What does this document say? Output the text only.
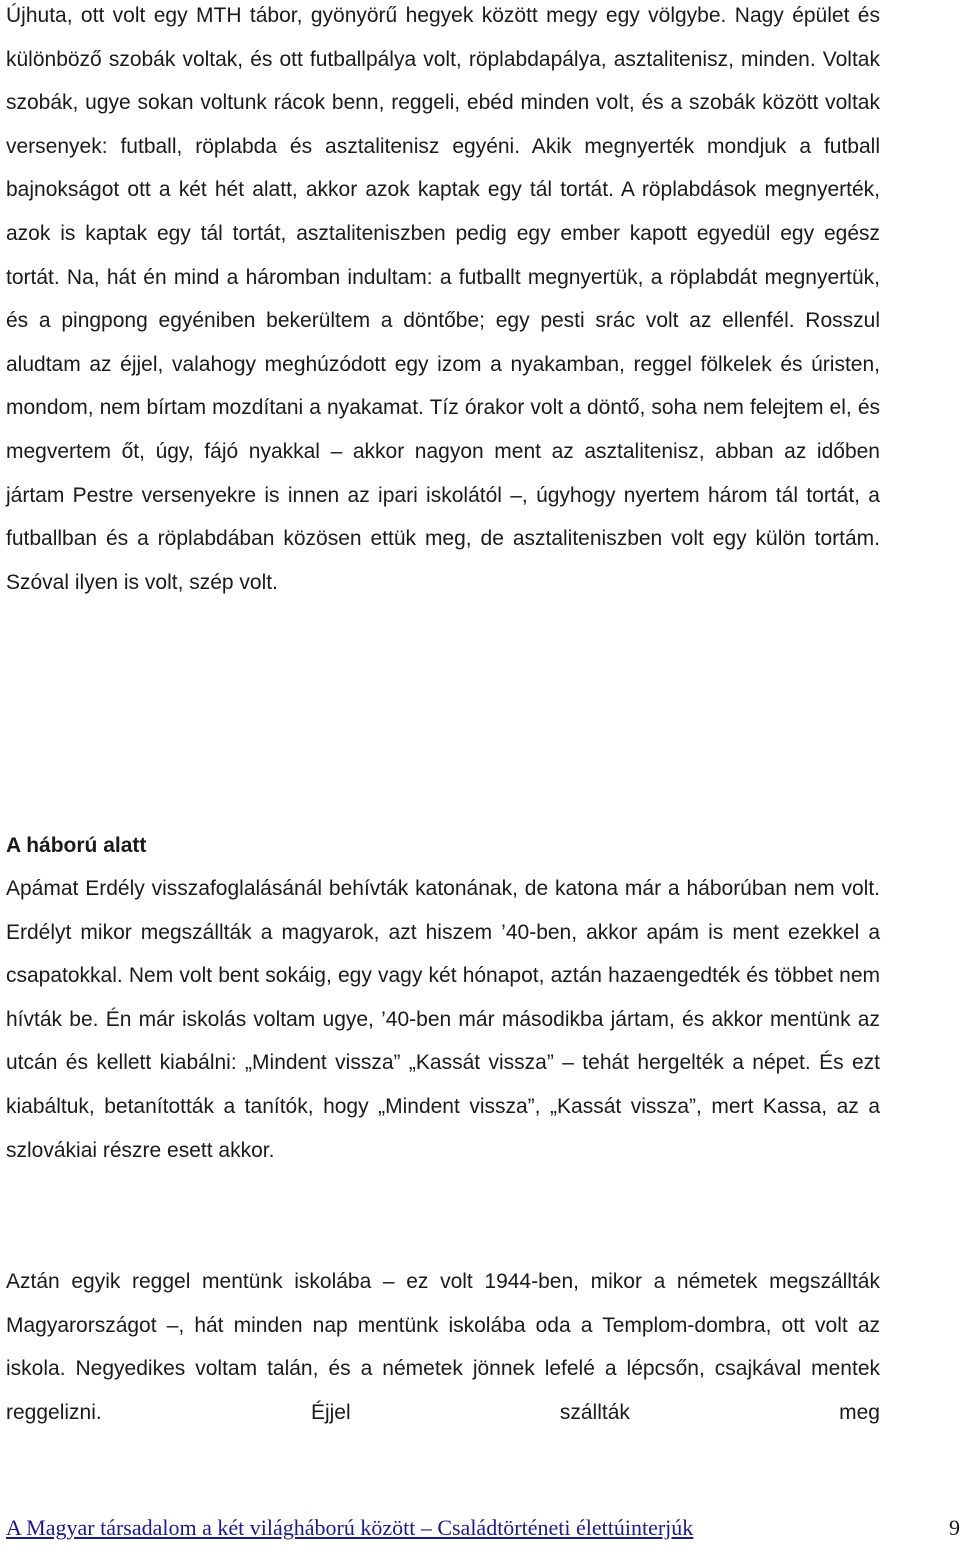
Újhuta, ott volt egy MTH tábor, gyönyörű hegyek között megy egy völgybe. Nagy épület és különböző szobák voltak, és ott futballpálya volt, röplabdapálya, asztalitenisz, minden. Voltak szobák, ugye sokan voltunk rácok benn, reggeli, ebéd minden volt, és a szobák között voltak versenyek: futball, röplabda és asztalitenisz egyéni. Akik megnyerték mondjuk a futball bajnokságot ott a két hét alatt, akkor azok kaptak egy tál tortát. A röplabdások megnyerték, azok is kaptak egy tál tortát, asztaliteniszben pedig egy ember kapott egyedül egy egész tortát. Na, hát én mind a háromban indultam: a futballt megnyertük, a röplabdát megnyertük, és a pingpong egyéniben bekerültem a döntőbe; egy pesti srác volt az ellenfél. Rosszul aludtam az éjjel, valahogy meghúzódott egy izom a nyakamban, reggel fölkelek és úristen, mondom, nem bírtam mozdítani a nyakamat. Tíz órakor volt a döntő, soha nem felejtem el, és megvertem őt, úgy, fájó nyakkal – akkor nagyon ment az asztalitenisz, abban az időben jártam Pestre versenyekre is innen az ipari iskolától –, úgyhogy nyertem három tál tortát, a futballban és a röplabdában közösen ettük meg, de asztaliteniszben volt egy külön tortám. Szóval ilyen is volt, szép volt.

A háború alatt

Apámat Erdély visszafoglalásánál behívták katonának, de katona már a háborúban nem volt. Erdélyt mikor megszállták a magyarok, azt hiszem ’40-ben, akkor apám is ment ezekkel a csapatokkal. Nem volt bent sokáig, egy vagy két hónapot, aztán hazaengedték és többet nem hívták be. Én már iskolás voltam ugye, ’40-ben már másodikba jártam, és akkor mentünk az utcán és kellett kiabálni: „Mindent vissza” „Kassát vissza” – tehát hergelték a népet. És ezt kiabáltuk, betanították a tanítók, hogy „Mindent vissza”, „Kassát vissza”, mert Kassa, az a szlovákiai részre esett akkor.

Aztán egyik reggel mentünk iskolába – ez volt 1944-ben, mikor a németek megszállták Magyarországot –, hát minden nap mentünk iskolába oda a Templom-dombra, ott volt az iskola. Negyedikes voltam talán, és a németek jönnek lefelé a lépcsőn, csajkával mentek reggelizni. Éjjel szállták meg

A Magyar társadalom a két világháború között – Családtörténeti élettúinterjúk	9
